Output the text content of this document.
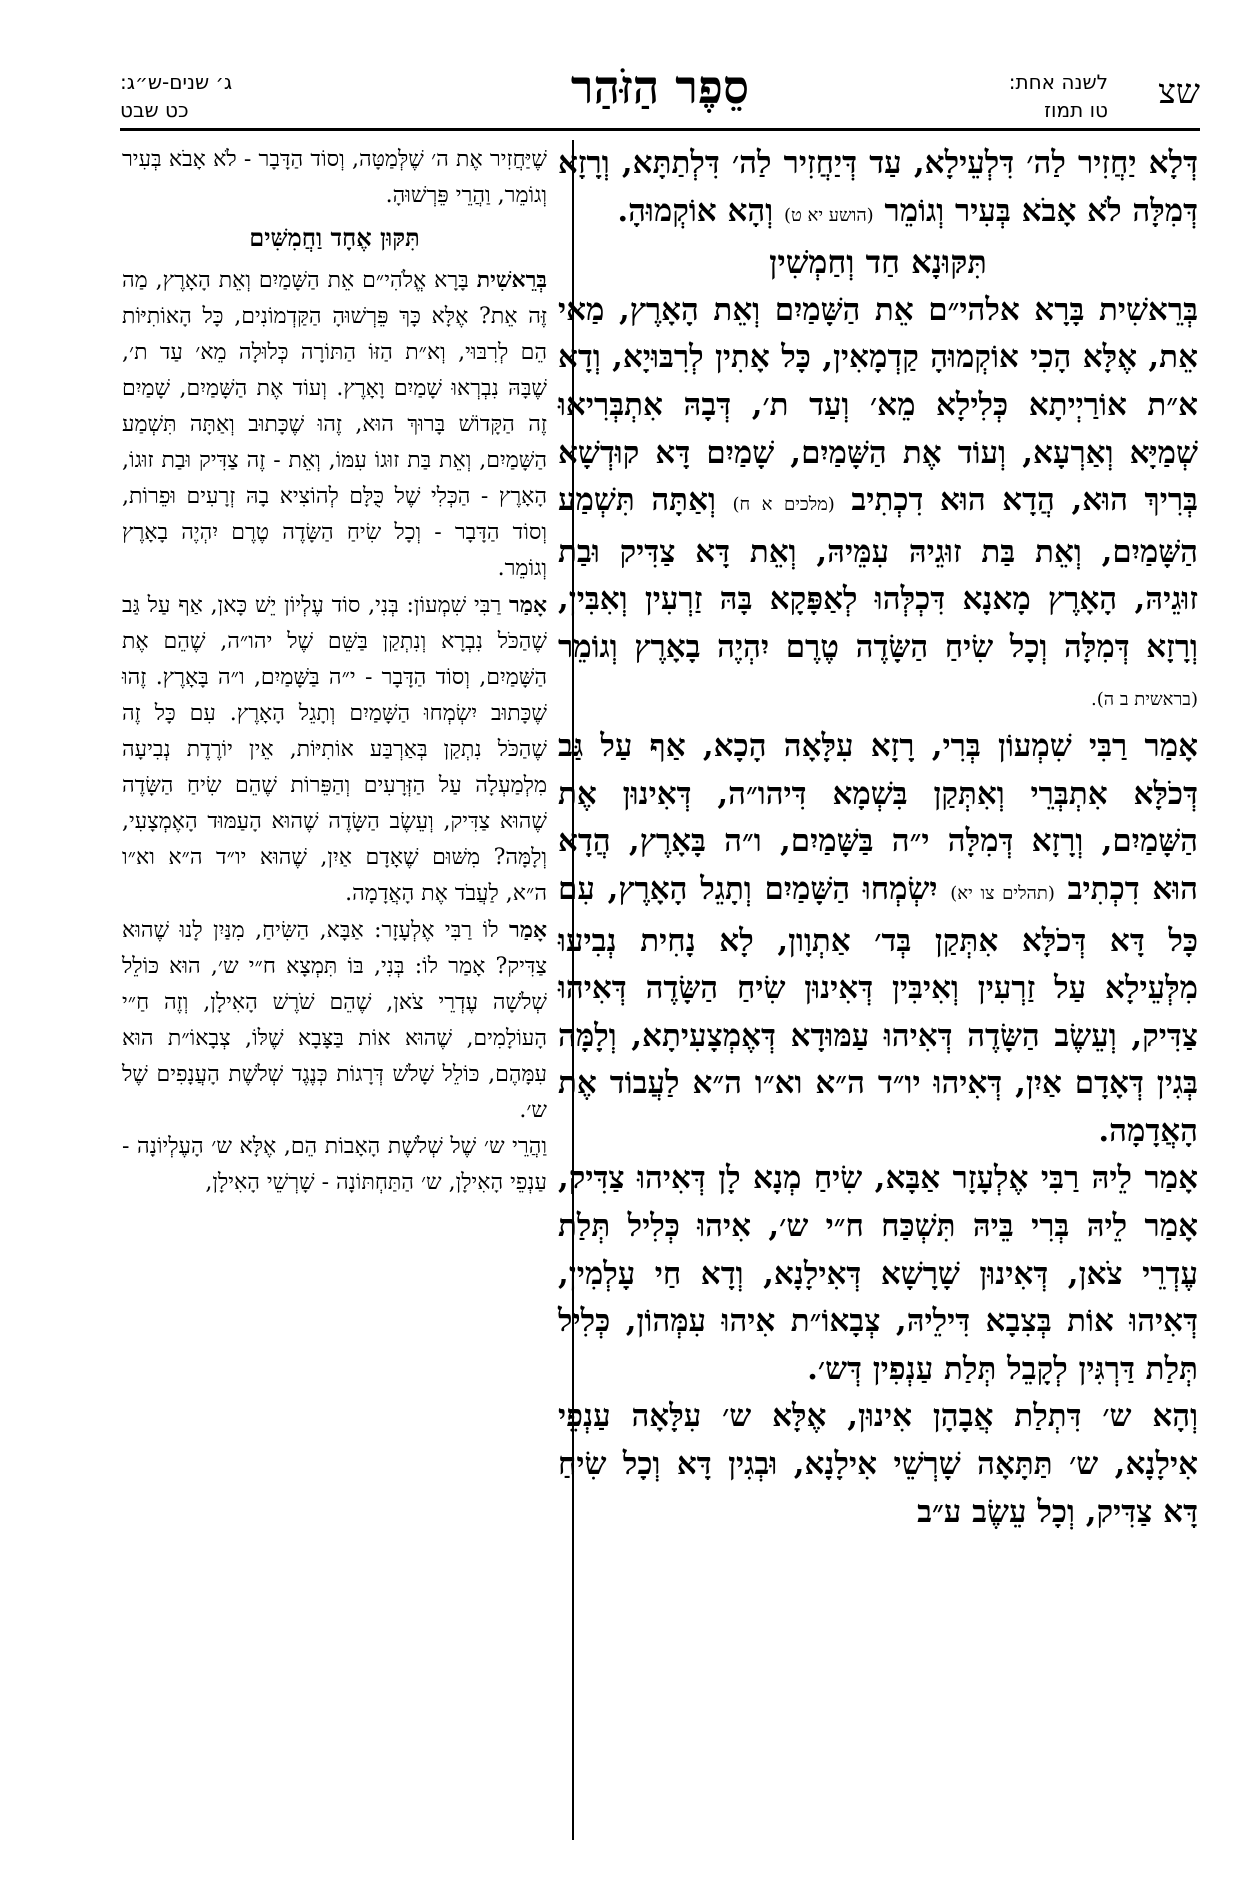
שצ
לשנה אחת:
טו תמוז
סֵפֶר הַזֹּהַר
ג׳ שנים-ש״ג:
כט שבט

דְּלָא יַחֲזִיר לַה׳ דִּלְעֵילָא, עַד דְּיַחֲזִיר לַה׳ דִּלְתַתָּא, וְרָזָא דְּמִלָּה לֹא אָבֹא בְּעִיר וְגוֹמֵר (הושע יא ט) וְהָא אוֹקְמוּהָ.

תִּקּוּנָא חַד וְחַמְשִׁין

בְּרֵאשִׁית בָּרָא אלהי״ם אֵת הַשָּׁמַיִם וְאֵת הָאָרֶץ, מַאי אֵת, אֶלָּא הָכִי אוֹקְמוּהָ קַדְמָאִין, כָּל אָתִין לְרִבּוּיָא, וְדָא א״ת אוֹרַיְיתָא כְּלִילָא מֵא׳ וְעַד ת׳, דְּבָהּ אִתְבְּרִיאוּ שְׁמַיָּא וְאַרְעָא, וְעוֹד אֶת הַשָּׁמַיִם, שָׁמַיִם דָּא קוּדְשָׁא בְּרִיךְ הוּא, הֲדָא הוּא דִכְתִיב (מלכים א ח) וְאַתָּה תִּשְׁמַע הַשָּׁמַיִם, וְאֵת בַּת זוּגֵיהּ עִמֵּיהּ, וְאֵת דָּא צַדִּיק וּבַת זוּגֵיהּ, הָאָרֶץ מָאנָא דִּכְלְּהוּ לְאַפָּקָא בָּהּ זַרְעִין וְאִבִּין, וְרָזָא דְּמִלָּה וְכָל שִׂיחַ הַשָּׂדֶה טֶרֶם יִהְיֶה בָאָרֶץ וְגוֹמֵר (בראשית ב ה).

אָמַר רַבִּי שִׁמְעוֹן בְּרִי, רָזָא עִלָּאָה הָכָא, אַף עַל גַּב דְּכֹלָּא אִתְבְּרֵי וְאִתְּקַן בִּשְׁמָא דִּיהו״ה, דְּאִינוּן אֶת הַשָּׁמַיִם, וְרָזָא דְּמִלָּה י״ה בַּשָּׁמַיִם, ו״ה בָּאָרֶץ, הֲדָא הוּא דִכְתִיב (תהלים צו יא) יִשְׂמְחוּ הַשָּׁמַיִם וְתָגֵל הָאָרֶץ, עִם כָּל דָּא דְּכֹלָּא אִתְּקַן בְּד׳ אַתְוָון, לָא נָחִית נְבִיעוּ מִלְּעֵילָא עַל זַרְעִין וְאִיבִּין דְּאִינוּן שִׂיחַ הַשָּׂדֶה דְּאִיהוּ צַדִּיק, וְעֵשֶׂב הַשָּׂדֶה דְּאִיהוּ עַמּוּדָא דְּאֶמְצָעִיתָא, וְלָמָּה בְּגִין דְּאָדָם אַיִן, דְּאִיהוּ יו״ד ה״א וא״ו ה״א לַעֲבוֹד אֶת הָאֲדָמָה.

אָמַר לֵיהּ רַבִּי אֶלְעָזָר אַבָּא, שִׂיחַ מְנָא לָן דְּאִיהוּ צַדִּיק, אָמַר לֵיהּ בְּרִי בֵּיהּ תִּשְׁכַּח ח״י ש׳, אִיהוּ כְּלִיל תְּלַת עֶדְרֵי צֹאן, דְּאִינוּן שָׁרָשָׁא דְּאִילָנָא, וְדָא חַי עָלְמִין, דְּאִיהוּ אוֹת בְּצִבָא דִּילֵיהּ, צְבָאוֹ״ת אִיהוּ עִמְּהוֹן, כְּלִיל תְּלַת דַּרְגִּין לְקָבֵל תְּלַת עַנְפִין דְּש׳.

וְהָא ש׳ דִּתְלַת אֲבָהָן אִינוּן, אֶלָּא ש׳ עִלָּאָה עַנְפֵי אִילָנָא, ש׳ תַּתָּאָה שָׁרְשֵׁי אִילָנָא, וּבְגִין דָּא וְכָל שִׂיחַ דָּא צַדִּיק, וְכָל עֵשֶׂב ע״ב

שֶׁיַּחֲזִיר אֶת ה׳ שֶׁלְּמַטָּה, וְסוֹד הַדָּבָר - לֹא אָבֹא בְּעִיר וְגוֹמֵר, וַהֲרֵי פֵּרְשׁוּהָ.

תִּקּוּן אֶחָד וַחֲמִשִּׁים

בְּרֵאשִׁית בָּרָא אֱלֹהִי״ם אֵת הַשָּׁמַיִם וְאֵת הָאָרֶץ, מַה זֶּה אֵת? אֶלָּא כָּךְ פֵּרְשׁוּהָ הַקַּדְמוֹנִים, כָּל הָאוֹתִיּוֹת הֵם לְרִבּוּי, וְא״ת הַזּוֹ הַתּוֹרָה כְּלוּלָה מֵא׳ עַד ת׳, שֶׁבָּהּ נִבְרְאוּ שָׁמַיִם וָאָרֶץ. וְעוֹד אֶת הַשָּׁמַיִם, שָׁמַיִם זֶה הַקָּדוֹשׁ בָּרוּךְ הוּא, זֶהוּ שֶׁכָּתוּב וְאַתָּה תִּשְׁמַע הַשָּׁמַיִם, וְאֵת בַּת זוּגוֹ עִמּוֹ, וְאֵת - זֶה צַדִּיק וּבַת זוּגוֹ, הָאָרֶץ - הַכְּלִי שֶׁל כֻּלָּם לְהוֹצִיא בָהּ זְרָעִים וּפֵרוֹת, וְסוֹד הַדָּבָר - וְכָל שִׂיחַ הַשָּׂדֶה טֶרֶם יִהְיֶה בָאָרֶץ וְגוֹמֵר.

אָמַר רַבִּי שִׁמְעוֹן: בְּנִי, סוֹד עֶלְיוֹן יֵשׁ כָּאן, אַף עַל גַּב שֶׁהַכֹּל נִבְרָא וְנִתְקַן בַּשֵּׁם שֶׁל יהו״ה, שֶׁהֵם אֶת הַשָּׁמַיִם, וְסוֹד הַדָּבָר - י״ה בַּשָּׁמַיִם, ו״ה בָּאָרֶץ. זֶהוּ שֶׁכָּתוּב יִשְׂמְחוּ הַשָּׁמַיִם וְתָגֵל הָאָרֶץ. עִם כָּל זֶה שֶׁהַכֹּל נִתְקַן בְּאַרְבַּע אוֹתִיּוֹת, אֵין יוֹרֶדֶת נְבִיעָה מִלְמַעְלָה עַל הַזְּרָעִים וְהַפֵּרוֹת שֶׁהֵם שִׂיחַ הַשָּׂדֶה שֶׁהוּא צַדִּיק, וְעֵשֶׂב הַשָּׂדֶה שֶׁהוּא הָעַמּוּד הָאֶמְצָעִי, וְלָמָּה? מִשּׁוּם שֶׁאָדָם אַיִן, שֶׁהוּא יו״ד ה״א וא״ו ה״א, לַעֲבֹד אֶת הָאֲדָמָה.

אָמַר לוֹ רַבִּי אֶלְעָזָר: אַבָּא, הַשִּׂיחַ, מִנַּיִן לָנוּ שֶׁהוּא צַדִּיק? אָמַר לוֹ: בְּנִי, בּוֹ תִּמְצָא ח״י ש׳, הוּא כּוֹלֵל שְׁלֹשָׁה עֶדְרֵי צֹאן, שֶׁהֵם שֹׁרֶשׁ הָאִילָן, וְזֶה חַ״י הָעוֹלָמִים, שֶׁהוּא אוֹת בַּצָּבָא שֶׁלּוֹ, צְבָאוֹ״ת הוּא עִמָּהֶם, כּוֹלֵל שָׁלֹשׁ דְּרָגוֹת כְּנֶגֶד שְׁלֹשֶׁת הָעֲנָפִים שֶׁל ש׳.

וַהֲרֵי ש׳ שֶׁל שְׁלֹשֶׁת הָאָבוֹת הֵם, אֶלָּא ש׳ הָעֶלְיוֹנָה - עַנְפֵי הָאִילָן, ש׳ הַתַּחְתּוֹנָה - שָׁרְשֵׁי הָאִילָן,
